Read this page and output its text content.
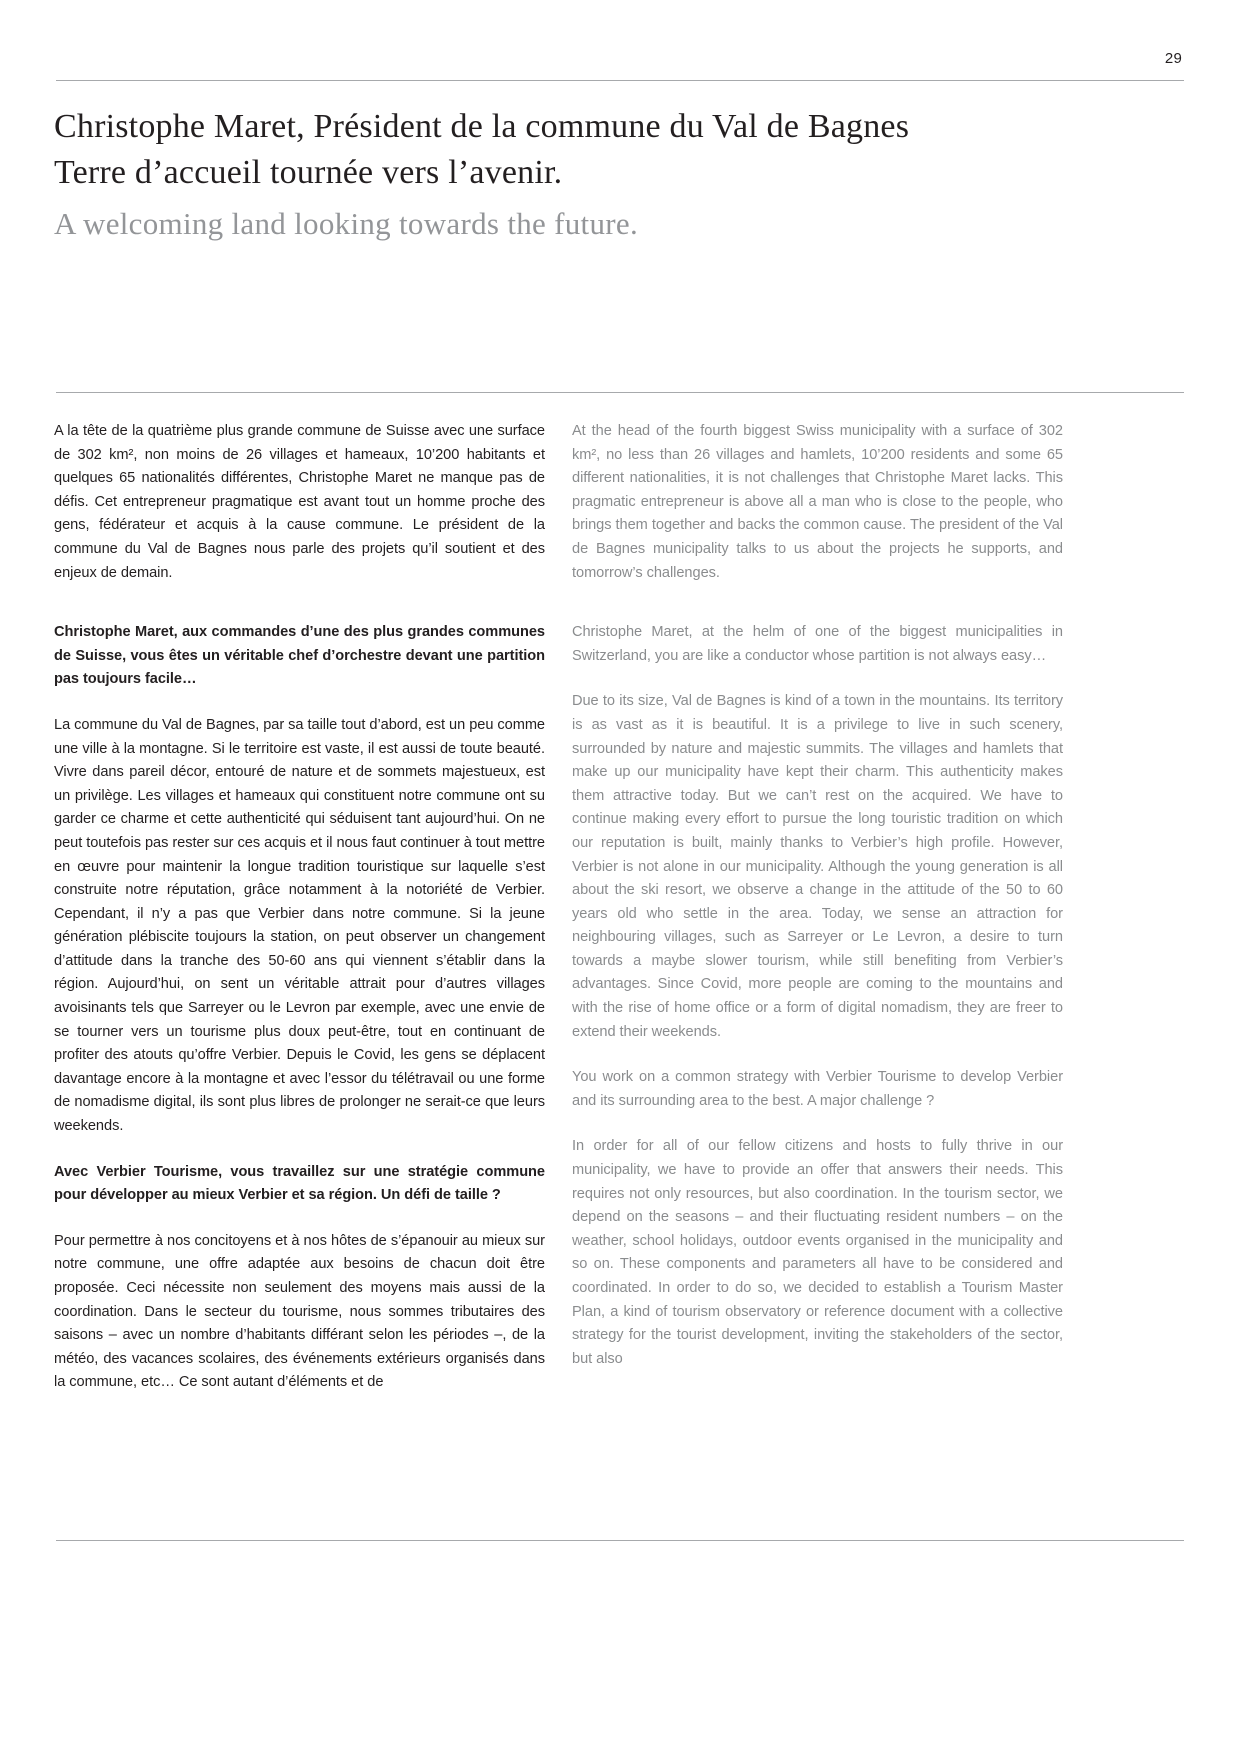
29
Christophe Maret, Président de la commune du Val de Bagnes
Terre d’accueil tournée vers l’avenir.
A welcoming land looking towards the future.

A la tête de la quatrième plus grande commune de Suisse avec une surface de 302 km², non moins de 26 villages et hameaux, 10’200 habitants et quelques 65 nationalités différentes, Christophe Maret ne manque pas de défis. Cet entrepreneur pragmatique est avant tout un homme proche des gens, fédérateur et acquis à la cause commune. Le président de la commune du Val de Bagnes nous parle des projets qu’il soutient et des enjeux de demain.

Christophe Maret, aux commandes d’une des plus grandes communes de Suisse, vous êtes un véritable chef d’orchestre devant une partition pas toujours facile…

La commune du Val de Bagnes, par sa taille tout d’abord, est un peu comme une ville à la montagne. Si le territoire est vaste, il est aussi de toute beauté. Vivre dans pareil décor, entouré de nature et de sommets majestueux, est un privilège. Les villages et hameaux qui constituent notre commune ont su garder ce charme et cette authenticité qui séduisent tant aujourd’hui. On ne peut toutefois pas rester sur ces acquis et il nous faut continuer à tout mettre en œuvre pour maintenir la longue tradition touristique sur laquelle s’est construite notre réputation, grâce notamment à la notoriété de Verbier. Cependant, il n’y a pas que Verbier dans notre commune. Si la jeune génération plébiscite toujours la station, on peut observer un changement d’attitude dans la tranche des 50-60 ans qui viennent s’établir dans la région. Aujourd’hui, on sent un véritable attrait pour d’autres villages avoisinants tels que Sarreyer ou le Levron par exemple, avec une envie de se tourner vers un tourisme plus doux peut-être, tout en continuant de profiter des atouts qu’offre Verbier. Depuis le Covid, les gens se déplacent davantage encore à la montagne et avec l’essor du télétravail ou une forme de nomadisme digital, ils sont plus libres de prolonger ne serait-ce que leurs weekends.

Avec Verbier Tourisme, vous travaillez sur une stratégie commune pour développer au mieux Verbier et sa région. Un défi de taille ?

Pour permettre à nos concitoyens et à nos hôtes de s’épanouir au mieux sur notre commune, une offre adaptée aux besoins de chacun doit être proposée. Ceci nécessite non seulement des moyens mais aussi de la coordination. Dans le secteur du tourisme, nous sommes tributaires des saisons – avec un nombre d’habitants différant selon les périodes –, de la météo, des vacances scolaires, des événements extérieurs organisés dans la commune, etc… Ce sont autant d’éléments et de

At the head of the fourth biggest Swiss municipality with a surface of 302 km², no less than 26 villages and hamlets, 10’200 residents and some 65 different nationalities, it is not challenges that Christophe Maret lacks. This pragmatic entrepreneur is above all a man who is close to the people, who brings them together and backs the common cause. The president of the Val de Bagnes municipality talks to us about the projects he supports, and tomorrow’s challenges.

Christophe Maret, at the helm of one of the biggest municipalities in Switzerland, you are like a conductor whose partition is not always easy…

Due to its size, Val de Bagnes is kind of a town in the mountains. Its territory is as vast as it is beautiful. It is a privilege to live in such scenery, surrounded by nature and majestic summits. The villages and hamlets that make up our municipality have kept their charm. This authenticity makes them attractive today. But we can’t rest on the acquired. We have to continue making every effort to pursue the long touristic tradition on which our reputation is built, mainly thanks to Verbier’s high profile. However, Verbier is not alone in our municipality. Although the young generation is all about the ski resort, we observe a change in the attitude of the 50 to 60 years old who settle in the area. Today, we sense an attraction for neighbouring villages, such as Sarreyer or Le Levron, a desire to turn towards a maybe slower tourism, while still benefiting from Verbier’s advantages. Since Covid, more people are coming to the mountains and with the rise of home office or a form of digital nomadism, they are freer to extend their weekends.

You work on a common strategy with Verbier Tourisme to develop Verbier and its surrounding area to the best. A major challenge ?

In order for all of our fellow citizens and hosts to fully thrive in our municipality, we have to provide an offer that answers their needs. This requires not only resources, but also coordination. In the tourism sector, we depend on the seasons – and their fluctuating resident numbers – on the weather, school holidays, outdoor events organised in the municipality and so on. These components and parameters all have to be considered and coordinated. In order to do so, we decided to establish a Tourism Master Plan, a kind of tourism observatory or reference document with a collective strategy for the tourist development, inviting the stakeholders of the sector, but also
